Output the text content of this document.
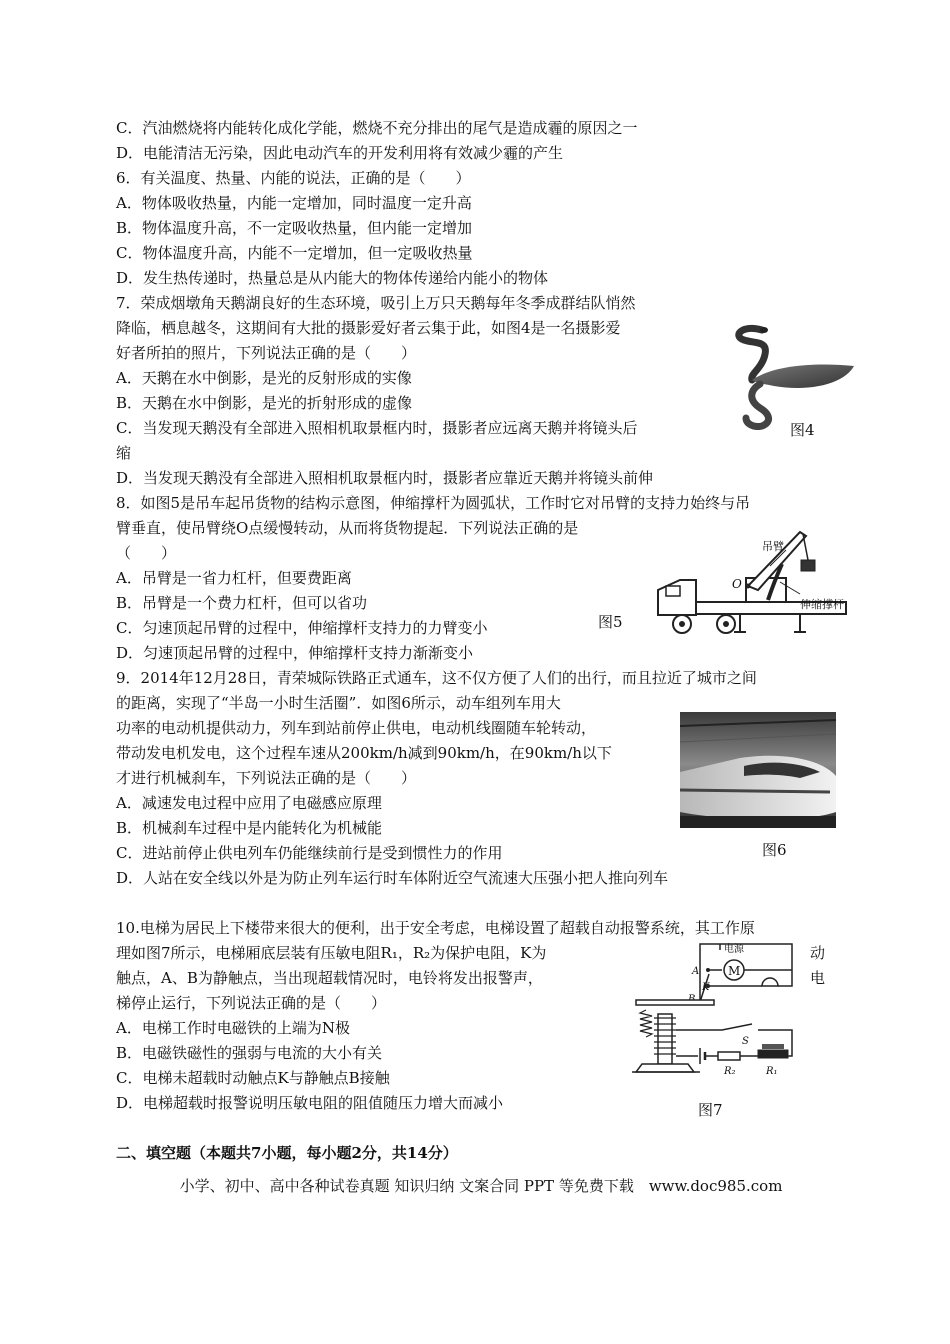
C．汽油燃烧将内能转化成化学能，燃烧不充分排出的尾气是造成霾的原因之一
D．电能清洁无污染，因此电动汽车的开发利用将有效减少霾的产生
6．有关温度、热量、内能的说法，正确的是（　　）
A．物体吸收热量，内能一定增加，同时温度一定升高
B．物体温度升高，不一定吸收热量，但内能一定增加
C．物体温度升高，内能不一定增加，但一定吸收热量
D．发生热传递时，热量总是从内能大的物体传递给内能小的物体
7．荣成烟墩角天鹅湖良好的生态环境，吸引上万只天鹅每年冬季成群结队悄然
降临，栖息越冬，这期间有大批的摄影爱好者云集于此，如图4是一名摄影爱
好者所拍的照片，下列说法正确的是（　　）
A．天鹅在水中倒影，是光的反射形成的实像
B．天鹅在水中倒影，是光的折射形成的虚像
C．当发现天鹅没有全部进入照相机取景框内时，摄影者应远离天鹅并将镜头后
缩
D．当发现天鹅没有全部进入照相机取景框内时，摄影者应靠近天鹅并将镜头前伸
8．如图5是吊车起吊货物的结构示意图，伸缩撑杆为圆弧状，工作时它对吊臂的支持力始终与吊
臂垂直，使吊臂绕O点缓慢转动，从而将货物提起．下列说法正确的是
（　　）
A．吊臂是一省力杠杆，但要费距离
B．吊臂是一个费力杠杆，但可以省功
C．匀速顶起吊臂的过程中，伸缩撑杆支持力的力臂变小
D．匀速顶起吊臂的过程中，伸缩撑杆支持力渐渐变小
9．2014年12月28日，青荣城际铁路正式通车，这不仅方便了人们的出行，而且拉近了城市之间
的距离，实现了“半岛一小时生活圈”．如图6所示，动车组列车用大
功率的电动机提供动力，列车到站前停止供电，电动机线圈随车轮转动，
带动发电机发电，这个过程车速从200km/h减到90km/h，在90km/h以下
才进行机械刹车，下列说法正确的是（　　）
A．减速发电过程中应用了电磁感应原理
B．机械刹车过程中是内能转化为机械能
C．进站前停止供电列车仍能继续前行是受到惯性力的作用
D．人站在安全线以外是为防止列车运行时车体附近空气流速大压强小把人推向列车
10.电梯为居民上下楼带来很大的便利，出于安全考虑，电梯设置了超载自动报警系统，其工作原
理如图7所示，电梯厢底层装有压敏电阻R₁，R₂为保护电阻，K为
触点，A、B为静触点，当出现超载情况时，电铃将发出报警声，
梯停止运行，下列说法正确的是（　　）
A．电梯工作时电磁铁的上端为N极
B．电磁铁磁性的强弱与电流的大小有关
C．电梯未超载时动触点K与静触点B接触
D．电梯超载时报警说明压敏电阻的阻值随压力增大而减小
动
电
二、填空题（本题共7小题，每小题2分，共14分）
小学、初中、高中各种试卷真题 知识归纳 文案合同 PPT 等免费下载　www.doc985.com
图4
O
吊臂
伸缩撑杆
图5
图6
电源
M
A
K
S
R₂	R₁
图7
